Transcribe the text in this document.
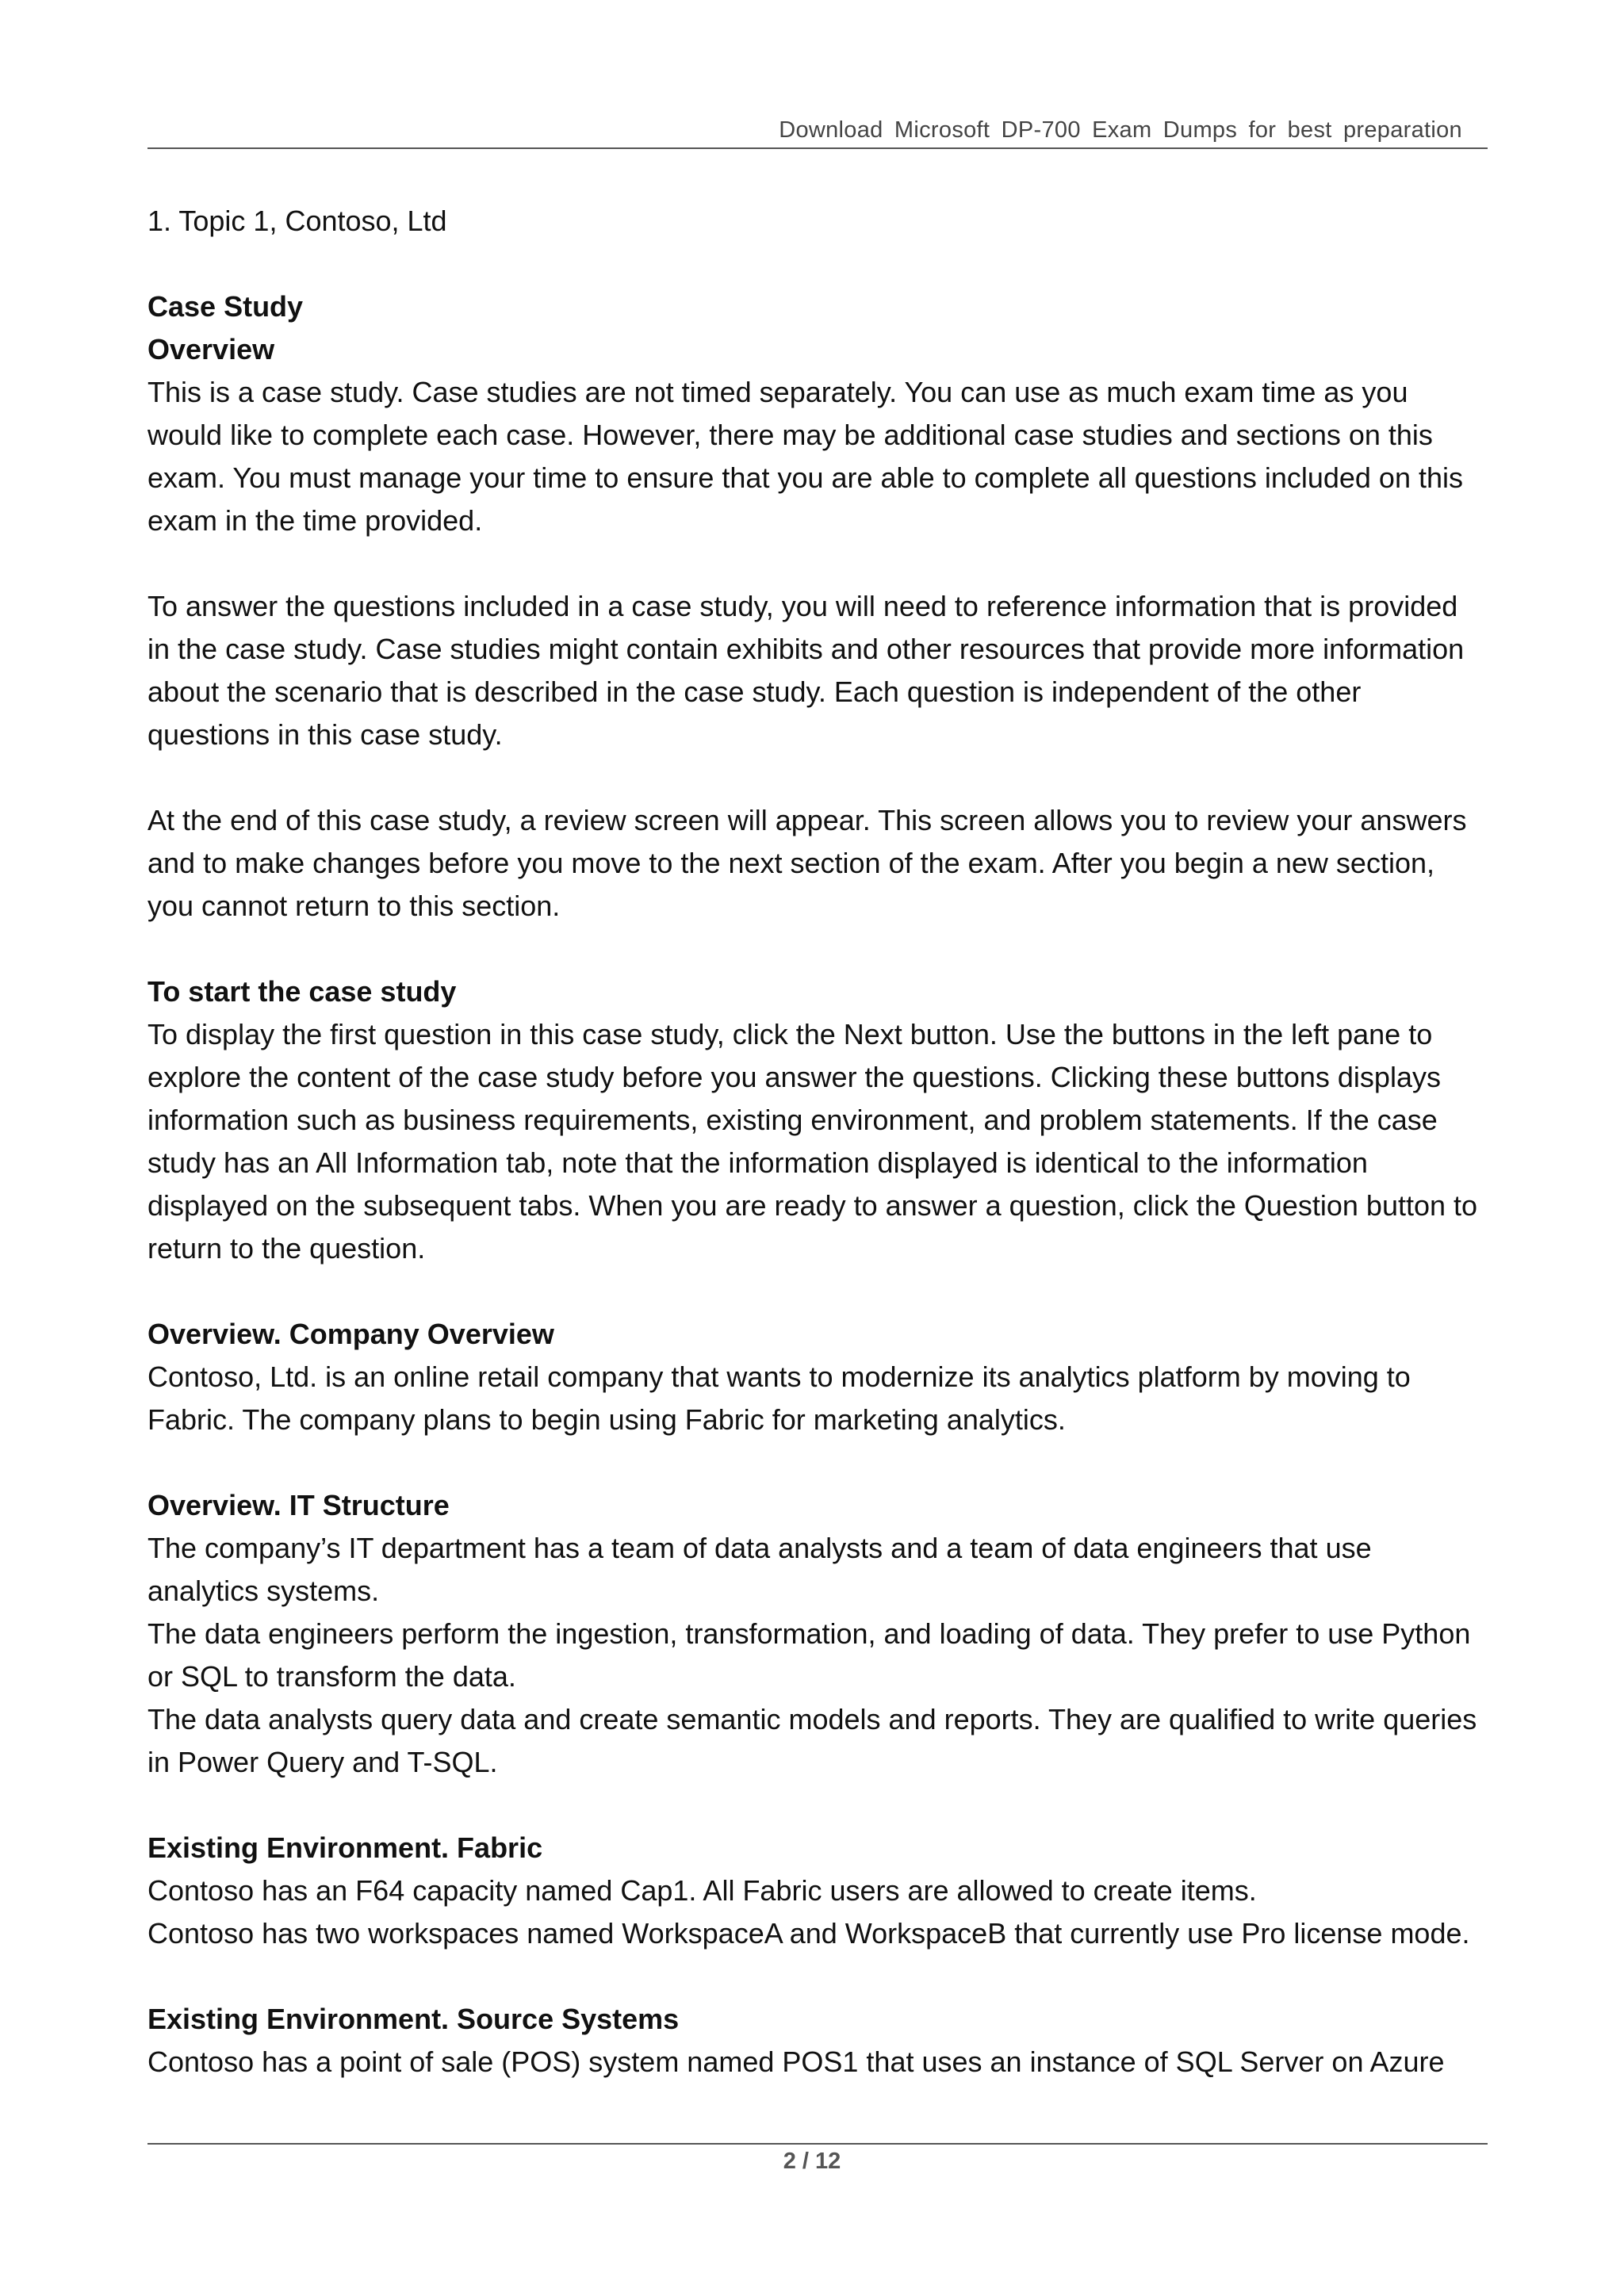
Download Microsoft DP-700 Exam Dumps for best preparation

1. Topic 1, Contoso, Ltd

Case Study

Overview

This is a case study. Case studies are not timed separately. You can use as much exam time as you

would like to complete each case. However, there may be additional case studies and sections on this

exam. You must manage your time to ensure that you are able to complete all questions included on this

exam in the time provided.

To answer the questions included in a case study, you will need to reference information that is provided

in the case study. Case studies might contain exhibits and other resources that provide more information

about the scenario that is described in the case study. Each question is independent of the other

questions in this case study.

At the end of this case study, a review screen will appear. This screen allows you to review your answers

and to make changes before you move to the next section of the exam. After you begin a new section,

you cannot return to this section.

To start the case study

To display the first question in this case study, click the Next button. Use the buttons in the left pane to

explore the content of the case study before you answer the questions. Clicking these buttons displays

information such as business requirements, existing environment, and problem statements. If the case

study has an All Information tab, note that the information displayed is identical to the information

displayed on the subsequent tabs. When you are ready to answer a question, click the Question button to

return to the question.

Overview. Company Overview

Contoso, Ltd. is an online retail company that wants to modernize its analytics platform by moving to

Fabric. The company plans to begin using Fabric for marketing analytics.

Overview. IT Structure

The company’s IT department has a team of data analysts and a team of data engineers that use

analytics systems.

The data engineers perform the ingestion, transformation, and loading of data. They prefer to use Python

or SQL to transform the data.

The data analysts query data and create semantic models and reports. They are qualified to write queries

in Power Query and T-SQL.

Existing Environment. Fabric

Contoso has an F64 capacity named Cap1. All Fabric users are allowed to create items.

Contoso has two workspaces named WorkspaceA and WorkspaceB that currently use Pro license mode.

Existing Environment. Source Systems

Contoso has a point of sale (POS) system named POS1 that uses an instance of SQL Server on Azure

2 / 12
